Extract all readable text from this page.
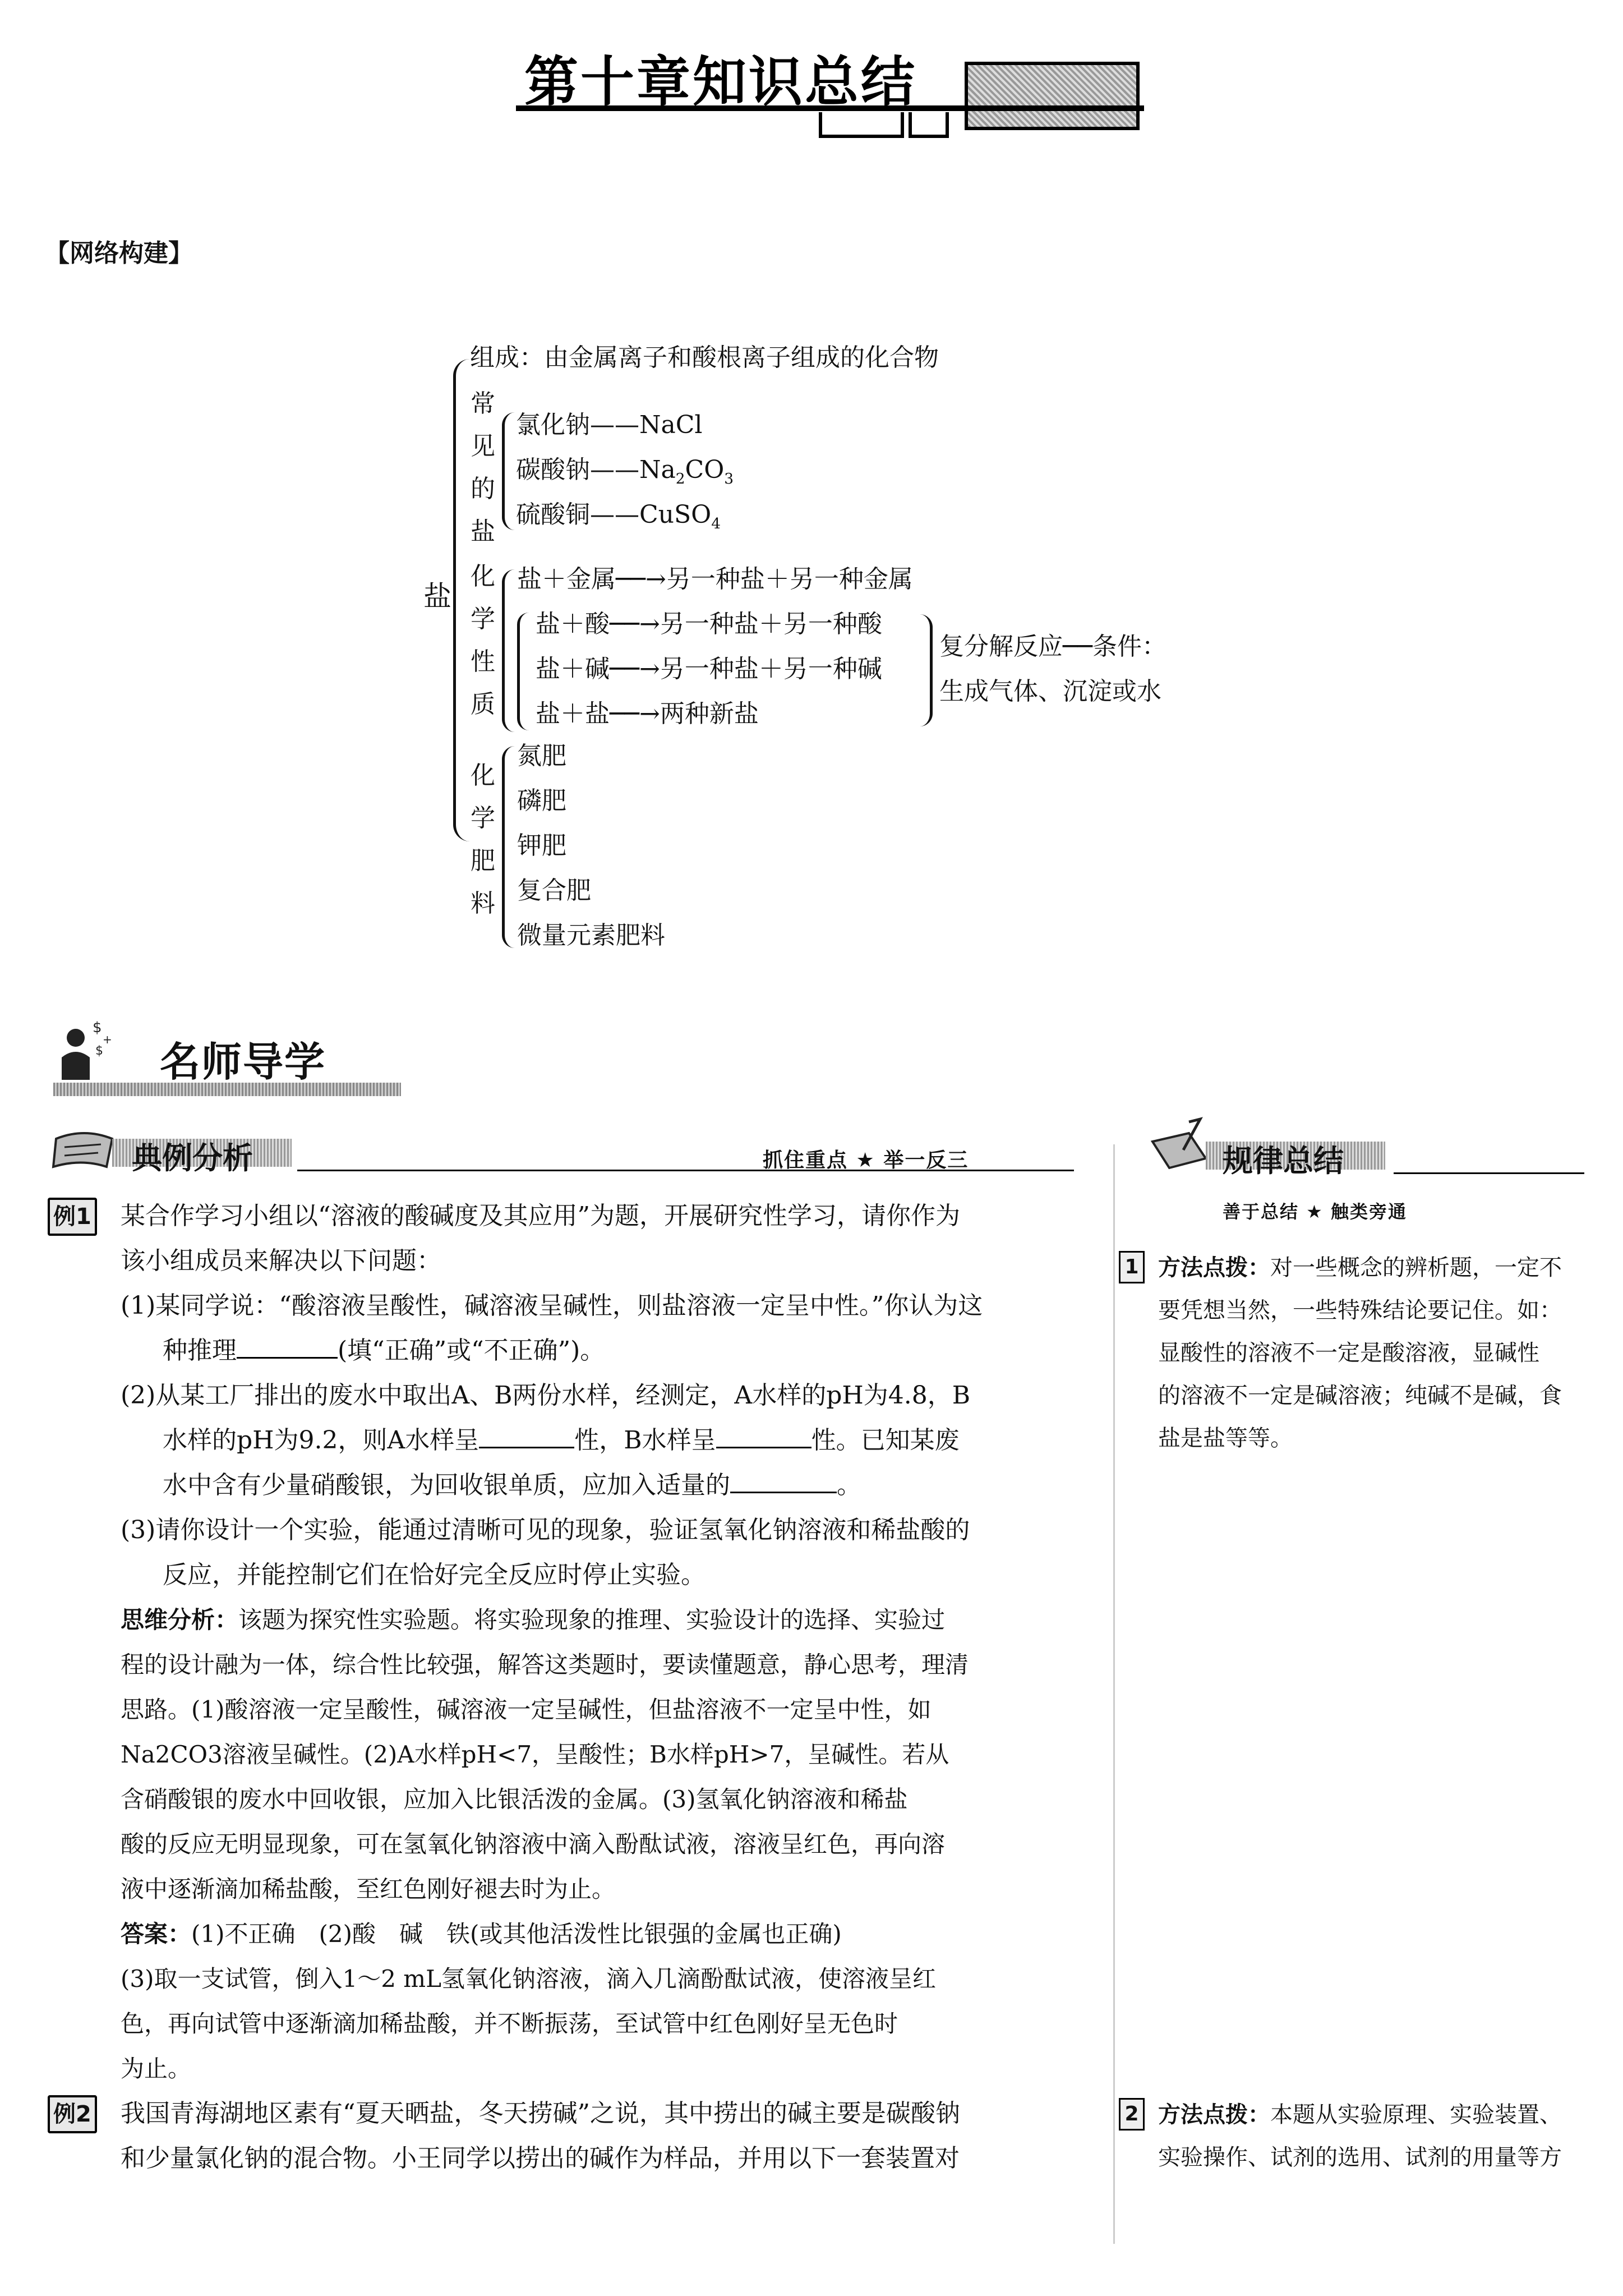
第十章知识总结
【网络构建】
盐
组成：由金属离子和酸根离子组成的化合物
常
见
的
盐
氯化钠——NaCl
碳酸钠$——Na_2CO_3$
硫酸铜——CuSO$_4$
化
学
性
质
盐＋金属──→另一种盐＋另一种金属
盐＋酸──→另一种盐＋另一种酸
盐＋碱──→另一种盐＋另一种碱
盐＋盐──→两种新盐
复分解反应──条件：
生成气体、沉淀或水
化
学
肥
料
氮肥
磷肥
钾肥
复合肥
微量元素肥料
$
+
$ 名师导学
典例分析	抓住重点 ★ 举一反三	规律总结
善于总结 ★ 触类旁通
例1 某合作学习小组以“溶液的酸碱度及其应用”为题，开展研究性学习，请你作为
该小组成员来解决以下问题：
(1)某同学说：“酸溶液呈酸性，碱溶液呈碱性，则盐溶液一定呈中性。”你认为这
种推理	(填“正确”或“不正确”)。
(2)从某工厂排出的废水中取出A、B两份水样，经测定，A水样的pH为4.8，B
水样的pH为9.2，则A水样呈	性，B水样呈	性。已知某废
水中含有少量硝酸银，为回收银单质，应加入适量的	。
(3)请你设计一个实验，能通过清晰可见的现象，验证氢氧化钠溶液和稀盐酸的
反应，并能控制它们在恰好完全反应时停止实验。
思维分析：该题为探究性实验题。将实验现象的推理、实验设计的选择、实验过
程的设计融为一体，综合性比较强，解答这类题时，要读懂题意，静心思考，理清
思路。(1)酸溶液一定呈酸性，碱溶液一定呈碱性，但盐溶液不一定呈中性，如
Na2CO3溶液呈碱性。(2)A水样pH<7，呈酸性；B水样pH>7，呈碱性。若从
含硝酸银的废水中回收银，应加入比银活泼的金属。(3)氢氧化钠溶液和稀盐
酸的反应无明显现象，可在氢氧化钠溶液中滴入酚酞试液，溶液呈红色，再向溶
液中逐渐滴加稀盐酸，至红色刚好褪去时为止。
答案：(1)不正确　(2)酸　碱　铁(或其他活泼性比银强的金属也正确)
(3)取一支试管，倒入1～2 mL氢氧化钠溶液，滴入几滴酚酞试液，使溶液呈红
色，再向试管中逐渐滴加稀盐酸，并不断振荡，至试管中红色刚好呈无色时
为止。
例2 我国青海湖地区素有“夏天晒盐，冬天捞碱”之说，其中捞出的碱主要是碳酸钠
和少量氯化钠的混合物。小王同学以捞出的碱作为样品，并用以下一套装置对
1 方法点拨：对一些概念的辨析题，一定不
要凭想当然，一些特殊结论要记住。如：
显酸性的溶液不一定是酸溶液，显碱性
的溶液不一定是碱溶液；纯碱不是碱，食
盐是盐等等。
2 方法点拨：本题从实验原理、实验装置、
实验操作、试剂的选用、试剂的用量等方
